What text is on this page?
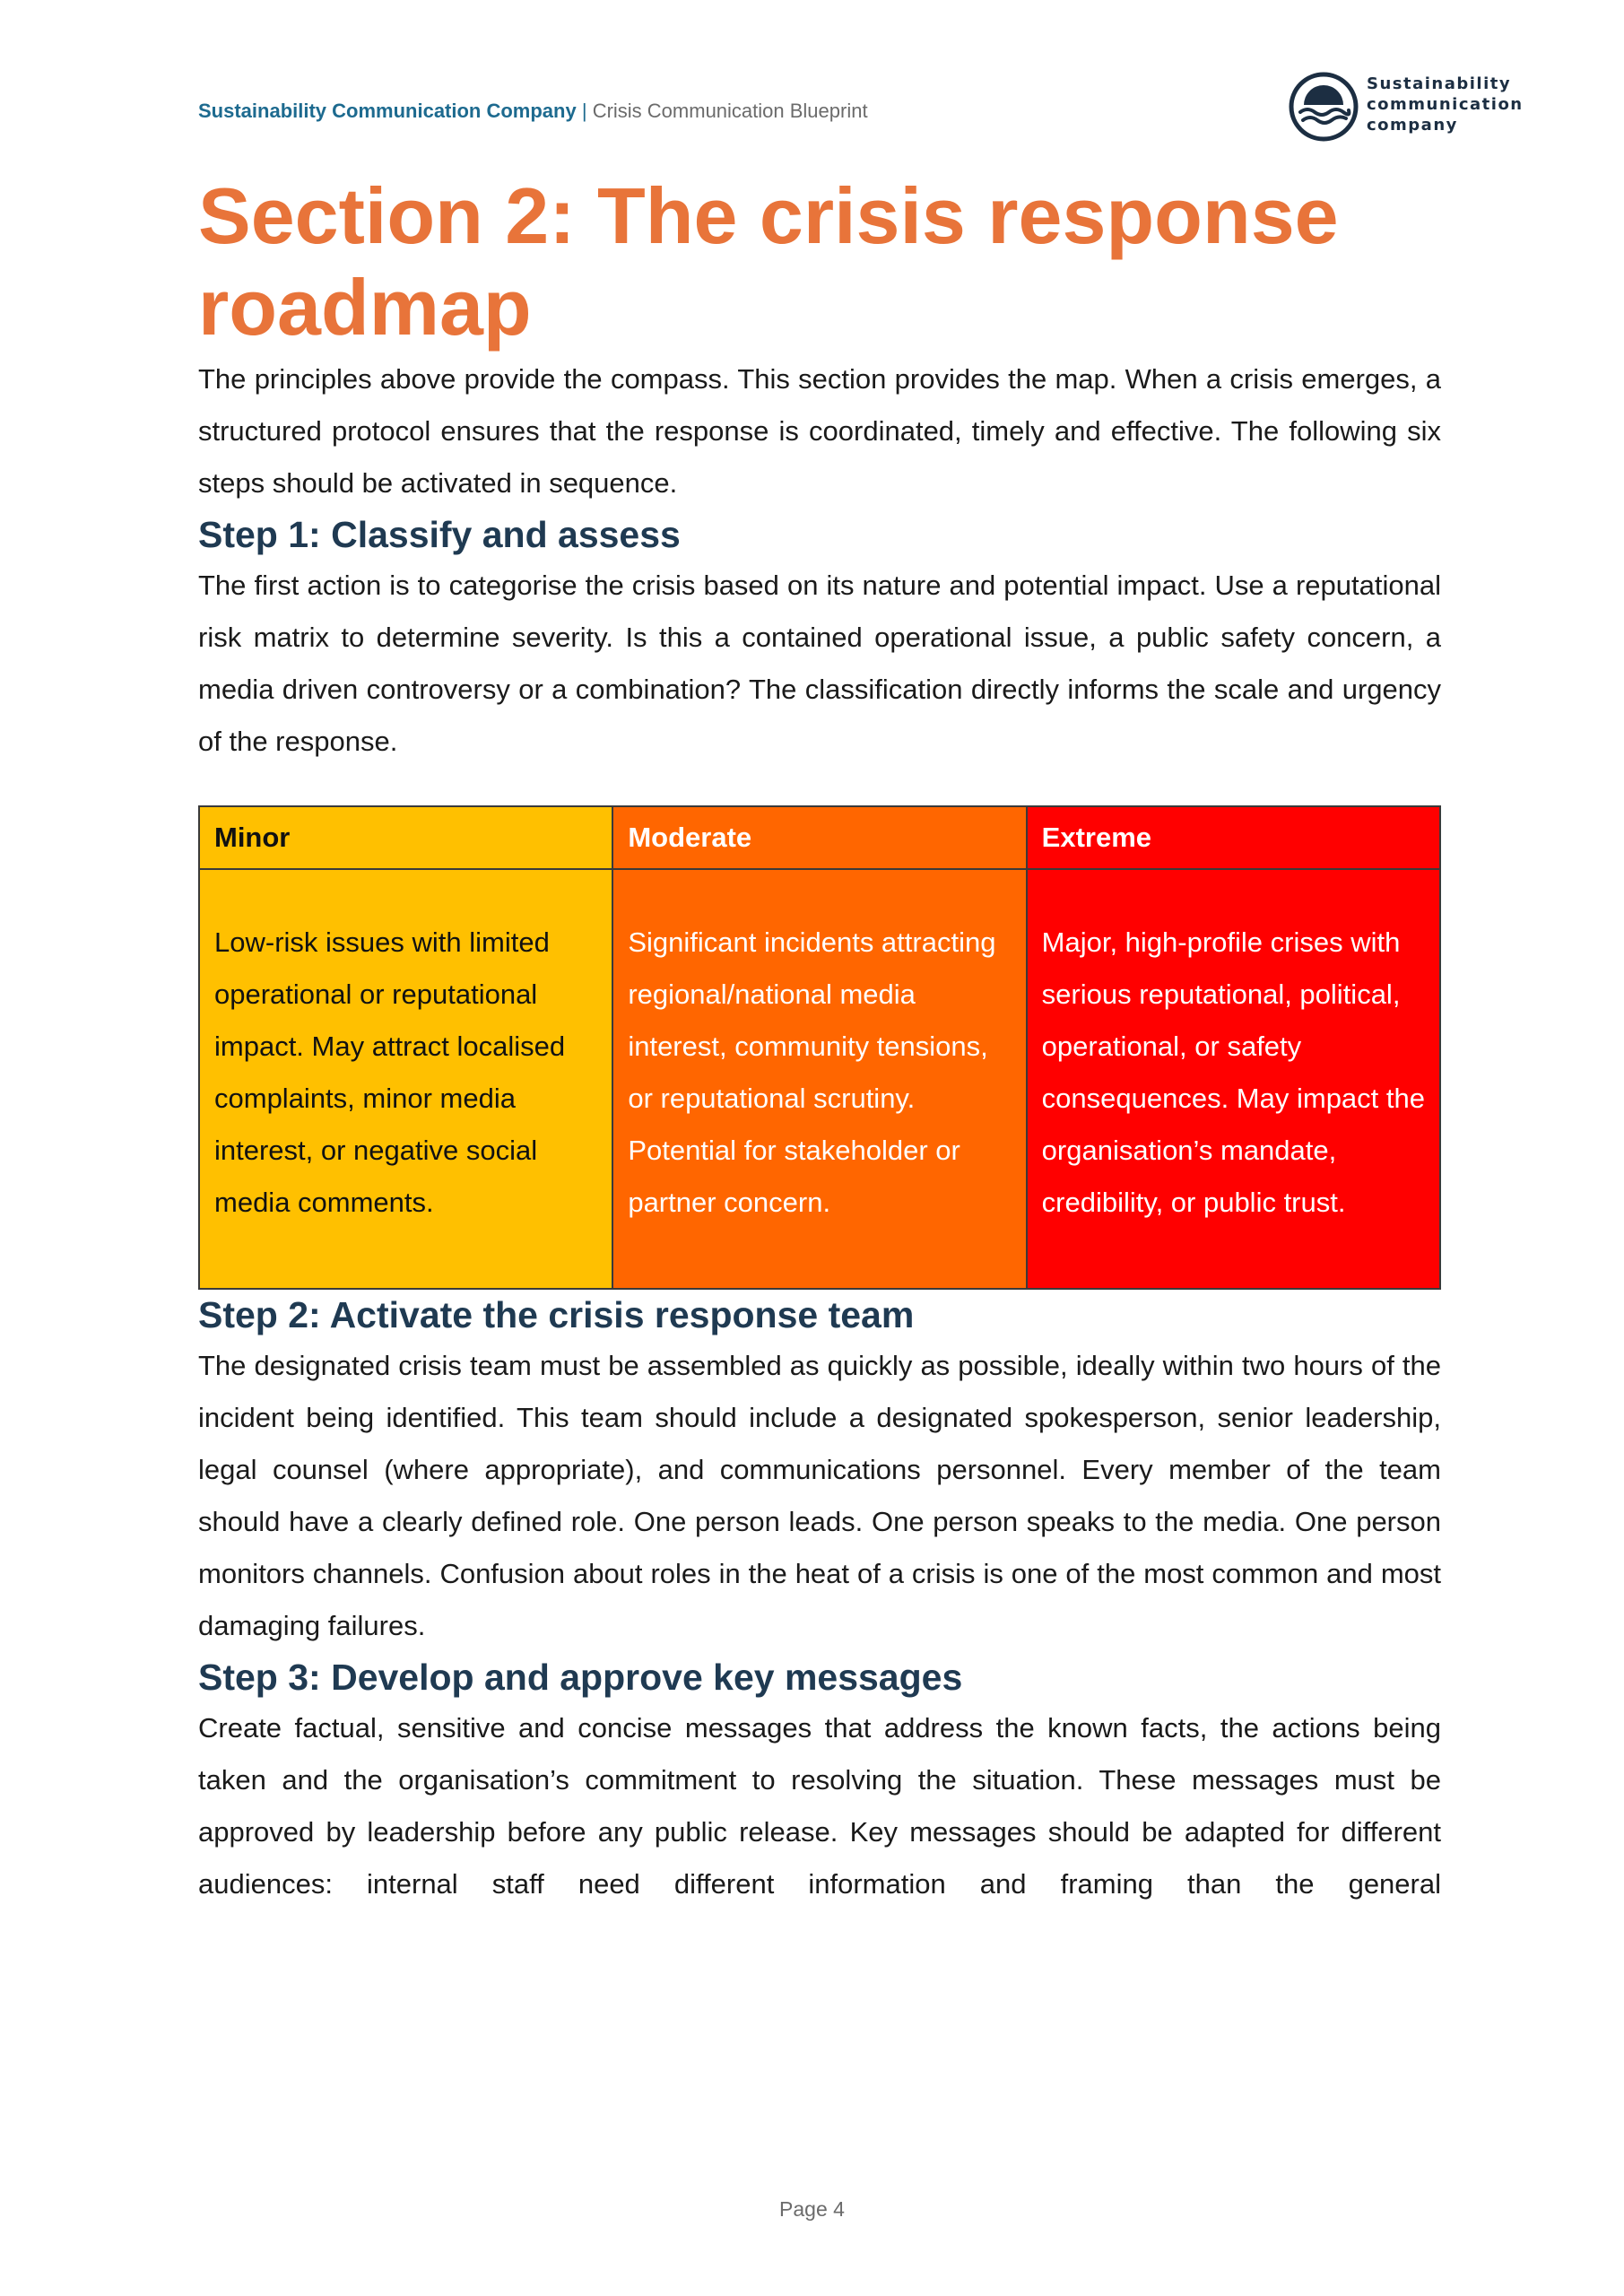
Sustainability Communication Company | Crisis Communication Blueprint
Sustainability
communication
company
Section 2: The crisis response roadmap

The principles above provide the compass. This section provides the map. When a crisis emerges, a structured protocol ensures that the response is coordinated, timely and effective. The following six steps should be activated in sequence.

Step 1: Classify and assess

The first action is to categorise the crisis based on its nature and potential impact. Use a reputational risk matrix to determine severity. Is this a contained operational issue, a public safety concern, a media driven controversy or a combination? The classification directly informs the scale and urgency of the response.

Minor	Moderate	Extreme
Low-risk issues with limited operational or reputational impact. May attract localised complaints, minor media interest, or negative social media comments.	Significant incidents attracting regional/national media interest, community tensions, or reputational scrutiny. Potential for stakeholder or partner concern.	Major, high-profile crises with serious reputational, political, operational, or safety consequences. May impact the organisation’s mandate, credibility, or public trust.
Step 2: Activate the crisis response team

The designated crisis team must be assembled as quickly as possible, ideally within two hours of the incident being identified. This team should include a designated spokesperson, senior leadership, legal counsel (where appropriate), and communications personnel. Every member of the team should have a clearly defined role. One person leads. One person speaks to the media. One person monitors channels. Confusion about roles in the heat of a crisis is one of the most common and most damaging failures.

Step 3: Develop and approve key messages

Create factual, sensitive and concise messages that address the known facts, the actions being taken and the organisation’s commitment to resolving the situation. These messages must be approved by leadership before any public release. Key messages should be adapted for different audiences: internal staff need different information and framing than the general

Page 4
